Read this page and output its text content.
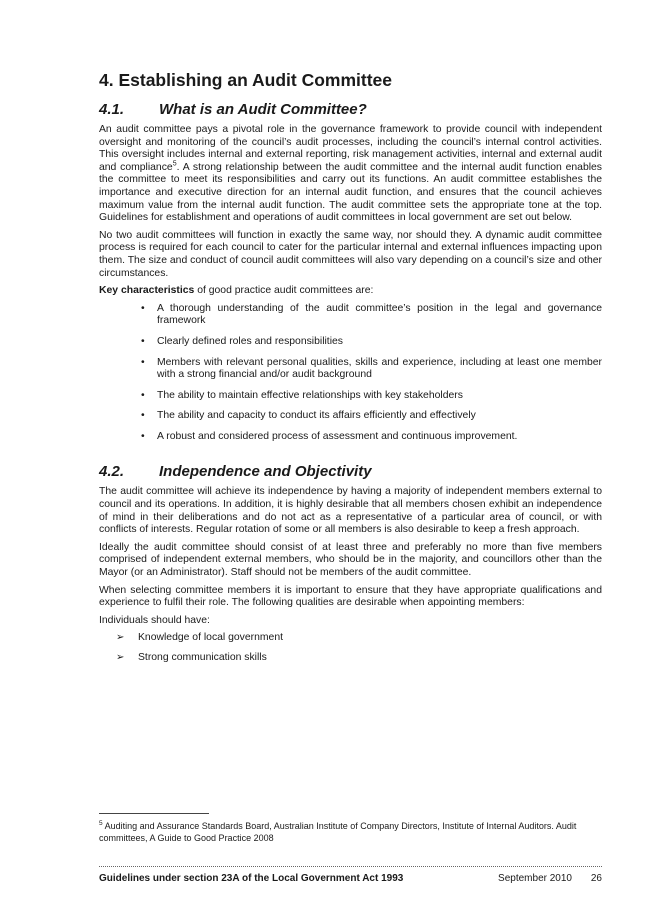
4. Establishing an Audit Committee
4.1.	What is an Audit Committee?

An audit committee pays a pivotal role in the governance framework to provide council with independent oversight and monitoring of the council’s audit processes, including the council’s internal control activities. This oversight includes internal and external reporting, risk management activities, internal and external audit and compliance$^5$. A strong relationship between the audit committee and the internal audit function enables the committee to meet its responsibilities and carry out its functions. An audit committee establishes the importance and executive direction for an internal audit function, and ensures that the council achieves maximum value from the internal audit function. The audit committee sets the appropriate tone at the top. Guidelines for establishment and operations of audit committees in local government are set out below.

No two audit committees will function in exactly the same way, nor should they. A dynamic audit committee process is required for each council to cater for the particular internal and external influences impacting upon them. The size and conduct of council audit committees will also vary depending on a council’s size and other circumstances.

Key characteristics of good practice audit committees are:

• A thorough understanding of the audit committee’s position in the legal and governance framework
• Clearly defined roles and responsibilities
• Members with relevant personal qualities, skills and experience, including at least one member with a strong financial and/or audit background
• The ability to maintain effective relationships with key stakeholders
• The ability and capacity to conduct its affairs efficiently and effectively
• A robust and considered process of assessment and continuous improvement.
4.2.	Independence and Objectivity

The audit committee will achieve its independence by having a majority of independent members external to council and its operations. In addition, it is highly desirable that all members chosen exhibit an independence of mind in their deliberations and do not act as a representative of a particular area of council, or with conflicts of interests. Regular rotation of some or all members is also desirable to keep a fresh approach.

Ideally the audit committee should consist of at least three and preferably no more than five members comprised of independent external members, who should be in the majority, and councillors other than the Mayor (or an Administrator). Staff should not be members of the audit committee.

When selecting committee members it is important to ensure that they have appropriate qualifications and experience to fulfil their role. The following qualities are desirable when appointing members:

Individuals should have:

➢ Knowledge of local government
➢ Strong communication skills
$^5$ Auditing and Assurance Standards Board, Australian Institute of Company Directors, Institute of Internal Auditors. Audit committees, A Guide to Good Practice 2008
Guidelines under section 23A of the Local Government Act 1993	September 2010	26
